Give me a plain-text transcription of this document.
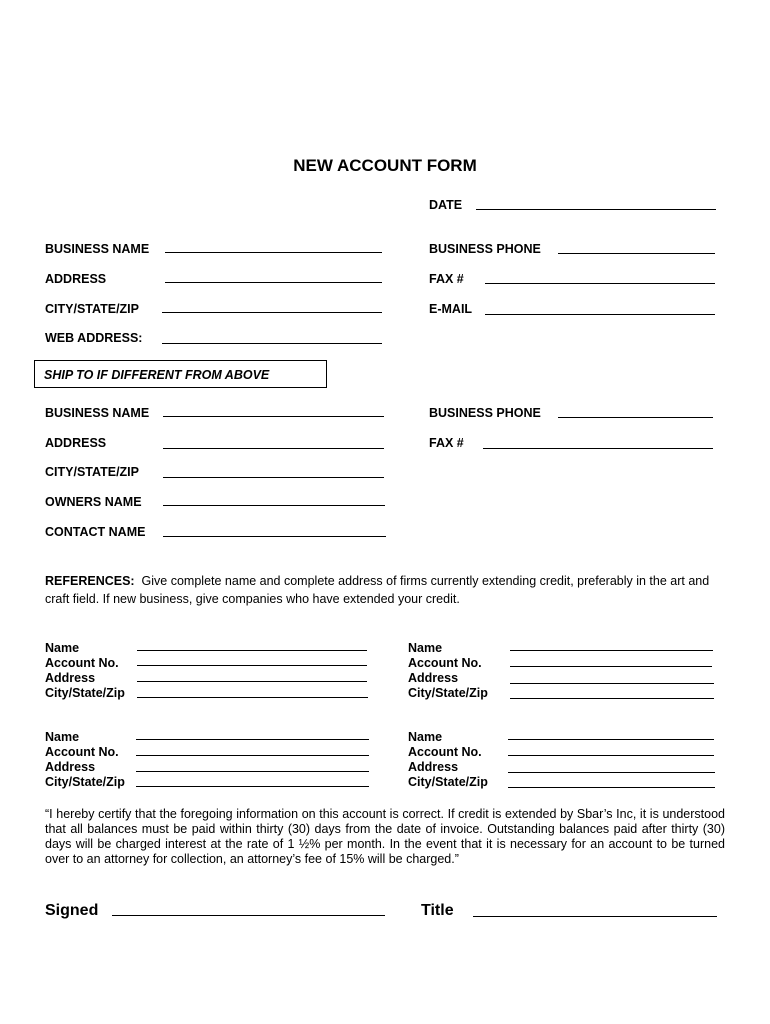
NEW ACCOUNT FORM
DATE
BUSINESS NAME
ADDRESS
CITY/STATE/ZIP
WEB ADDRESS:
BUSINESS PHONE
FAX #
E-MAIL
SHIP TO IF DIFFERENT FROM ABOVE
BUSINESS NAME
ADDRESS
CITY/STATE/ZIP
OWNERS NAME
CONTACT NAME
BUSINESS PHONE
FAX #
REFERENCES: Give complete name and complete address of firms currently extending credit, preferably in the art and craft field. If new business, give companies who have extended your credit.
Name
Account No.
Address
City/State/Zip
Name
Account No.
Address
City/State/Zip
Name
Account No.
Address
City/State/Zip
Name
Account No.
Address
City/State/Zip
“I hereby certify that the foregoing information on this account is correct. If credit is extended by Sbar’s Inc, it is understood that all balances must be paid within thirty (30) days from the date of invoice. Outstanding balances paid after thirty (30) days will be charged interest at the rate of 1 ½% per month. In the event that it is necessary for an account to be turned over to an attorney for collection, an attorney’s fee of 15% will be charged.”
Signed	Title
